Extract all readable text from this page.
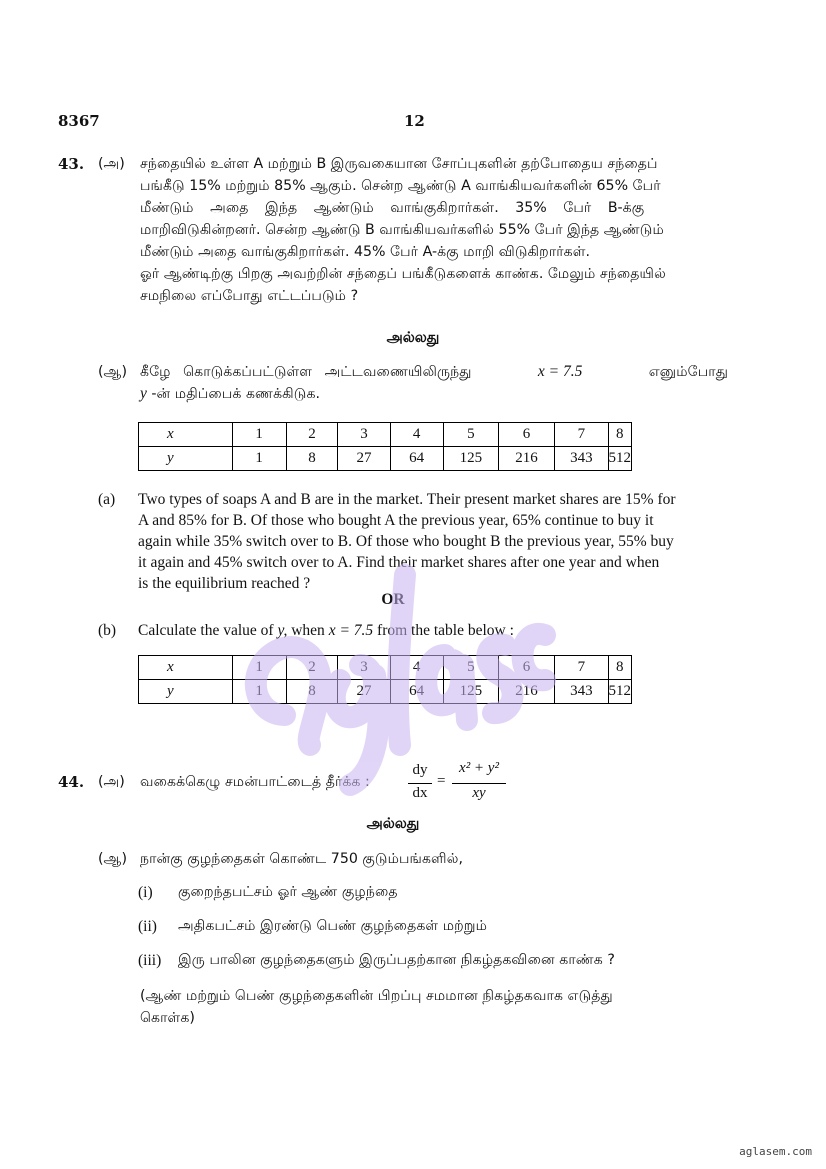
8367	12
43. (அ) சந்தையில் உள்ள A மற்றும் B இருவகையான சோப்புகளின் தற்போதைய சந்தைப்
பங்கீடு 15% மற்றும் 85% ஆகும். சென்ற ஆண்டு A வாங்கியவர்களின் 65% பேர்
மீண்டும் அதை இந்த ஆண்டும் வாங்குகிறார்கள். 35% பேர் B-க்கு
மாறிவிடுகின்றனர். சென்ற ஆண்டு B வாங்கியவர்களில் 55% பேர் இந்த ஆண்டும்
மீண்டும் அதை வாங்குகிறார்கள். 45% பேர் A-க்கு மாறி விடுகிறார்கள்.
ஓர் ஆண்டிற்கு பிறகு அவற்றின் சந்தைப் பங்கீடுகளைக் காண்க. மேலும் சந்தையில்
சமநிலை எப்போது எட்டப்படும் ?
அல்லது
(ஆ) கீழே கொடுக்கப்பட்டுள்ள அட்டவணையிலிருந்து	x = 7.5	எனும்போது
y -ன் மதிப்பைக் கணக்கிடுக.
x	1	2	3	4	5	6	7	8
y	1	8	27	64	125	216	343	512
(a) Two types of soaps A and B are in the market. Their present market shares are 15% for
A and 85% for B. Of those who bought A the previous year, 65% continue to buy it
again while 35% switch over to B. Of those who bought B the previous year, 55% buy
it again and 45% switch over to A. Find their market shares after one year and when
is the equilibrium reached ?
OR
(b) Calculate the value of y, when x = 7.5 from the table below :
x	1	2	3	4	5	6	7	8
y	1	8	27	64	125	216	343	512
44. (அ) வகைக்கெழு சமன்பாட்டைத் தீர்க்க :
dy
dx
=
x² + y²
xy
அல்லது
(ஆ) நான்கு குழந்தைகள் கொண்ட 750 குடும்பங்களில்,
(i) குறைந்தபட்சம் ஓர் ஆண் குழந்தை
(ii) அதிகபட்சம் இரண்டு பெண் குழந்தைகள் மற்றும்
(iii) இரு பாலின குழந்தைகளும் இருப்பதற்கான நிகழ்தகவினை காண்க ?
(ஆண் மற்றும் பெண் குழந்தைகளின் பிறப்பு சமமான நிகழ்தகவாக எடுத்து
கொள்க)
aglasem.com
